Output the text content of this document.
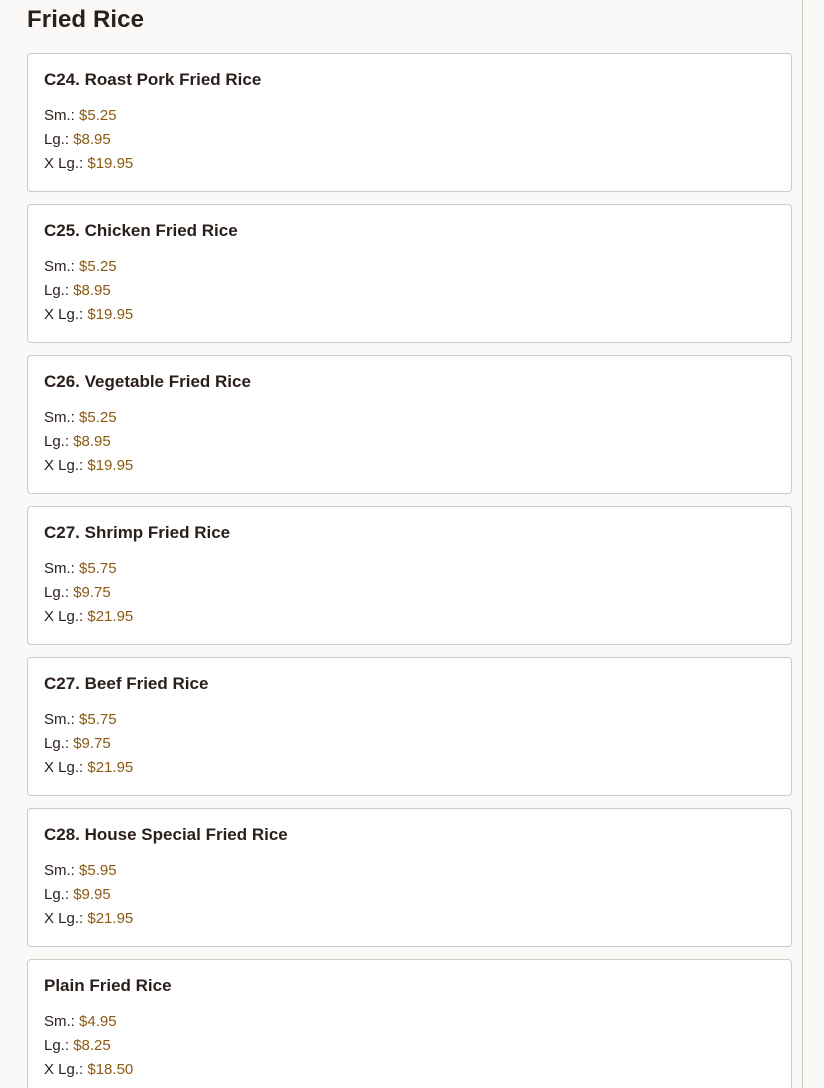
Fried Rice
C24. Roast Pork Fried Rice
Sm.: $5.25
Lg.: $8.95
X Lg.: $19.95
C25. Chicken Fried Rice
Sm.: $5.25
Lg.: $8.95
X Lg.: $19.95
C26. Vegetable Fried Rice
Sm.: $5.25
Lg.: $8.95
X Lg.: $19.95
C27. Shrimp Fried Rice
Sm.: $5.75
Lg.: $9.75
X Lg.: $21.95
C27. Beef Fried Rice
Sm.: $5.75
Lg.: $9.75
X Lg.: $21.95
C28. House Special Fried Rice
Sm.: $5.95
Lg.: $9.95
X Lg.: $21.95
Plain Fried Rice
Sm.: $4.95
Lg.: $8.25
X Lg.: $18.50
